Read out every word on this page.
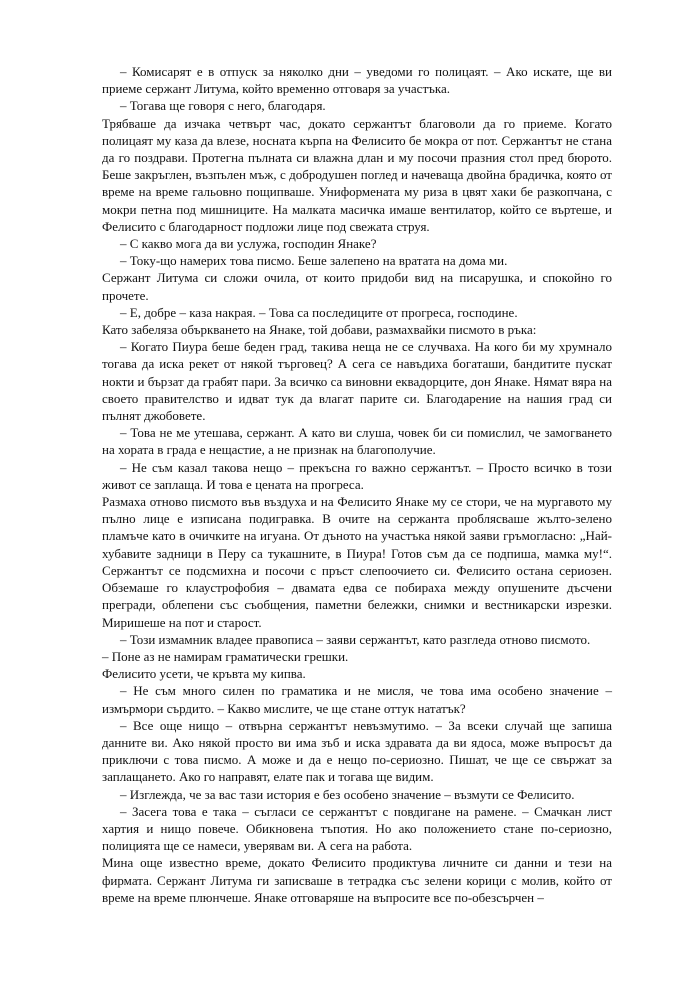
– Комисарят е в отпуск за няколко дни – уведоми го полицаят. – Ако искате, ще ви приеме сержант Литума, който временно отговаря за участъка.

– Тогава ще говоря с него, благодаря.

Трябваше да изчака четвърт час, докато сержантът благоволи да го приеме. Когато полицаят му каза да влезе, носната кърпа на Фелисито бе мокра от пот. Сержантът не стана да го поздрави. Протегна пълната си влажна длан и му посочи празния стол пред бюрото. Беше закръглен, възпълен мъж, с добродушен поглед и начеваща двойна брадичка, която от време на време гальовно пощипваше. Униформената му риза в цвят хаки бе разкопчана, с мокри петна под мишниците. На малката масичка имаше вентилатор, който се въртеше, и Фелисито с благодарност подложи лице под свежата струя.

– С какво мога да ви услужа, господин Янаке?

– Току-що намерих това писмо. Беше залепено на вратата на дома ми.

Сержант Литума си сложи очила, от които придоби вид на писарушка, и спокойно го прочете.

– Е, добре – каза накрая. – Това са последиците от прогреса, господине.

Като забеляза объркването на Янаке, той добави, размахвайки писмото в ръка:

– Когато Пиура беше беден град, такива неща не се случваха. На кого би му хрумнало тогава да иска рекет от някой търговец? А сега се навъдиха богаташи, бандитите пускат нокти и бързат да грабят пари. За всичко са виновни еквадорците, дон Янаке. Нямат вяра на своето правителство и идват тук да влагат парите си. Благодарение на нашия град си пълнят джобовете.

– Това не ме утешава, сержант. А като ви слуша, човек би си помислил, че замогването на хората в града е нещастие, а не признак на благополучие.

– Не съм казал такова нещо – прекъсна го важно сержантът. – Просто всичко в този живот се заплаща. И това е цената на прогреса.

Размаха отново писмото във въздуха и на Фелисито Янаке му се стори, че на мургавото му пълно лице е изписана подигравка. В очите на сержанта проблясваше жълто-зелено пламъче като в очичките на игуана. От дъното на участъка някой заяви гръмогласно: „Най-хубавите задници в Перу са тукашните, в Пиура! Готов съм да се подпиша, мамка му!“. Сержантът се подсмихна и посочи с пръст слепоочието си. Фелисито остана сериозен. Обземаше го клаустрофобия – двамата едва се побираха между опушените дъсчени прегради, облепени със съобщения, паметни бележки, снимки и вестникарски изрезки. Миришеше на пот и старост.

– Този измамник владее правописа – заяви сержантът, като разгледа отново писмото.

– Поне аз не намирам граматически грешки.

Фелисито усети, че кръвта му кипва.

– Не съм много силен по граматика и не мисля, че това има особено значение – измърмори сърдито. – Какво мислите, че ще стане оттук нататък?

– Все още нищо – отвърна сержантът невъзмутимо. – За всеки случай ще запиша данните ви. Ако някой просто ви има зъб и иска здравата да ви ядоса, може въпросът да приключи с това писмо. А може и да е нещо по-сериозно. Пишат, че ще се свържат за заплащането. Ако го направят, елате пак и тогава ще видим.

– Изглежда, че за вас тази история е без особено значение – възмути се Фелисито.

– Засега това е така – съгласи се сержантът с повдигане на рамене. – Смачкан лист хартия и нищо повече. Обикновена тъпотия. Но ако положението стане по-сериозно, полицията ще се намеси, уверявам ви. А сега на работа.

Мина още известно време, докато Фелисито продиктува личните си данни и тези на фирмата. Сержант Литума ги записваше в тетрадка със зелени корици с молив, който от време на време плюнчеше. Янаке отговаряше на въпросите все по-обезсърчен –
